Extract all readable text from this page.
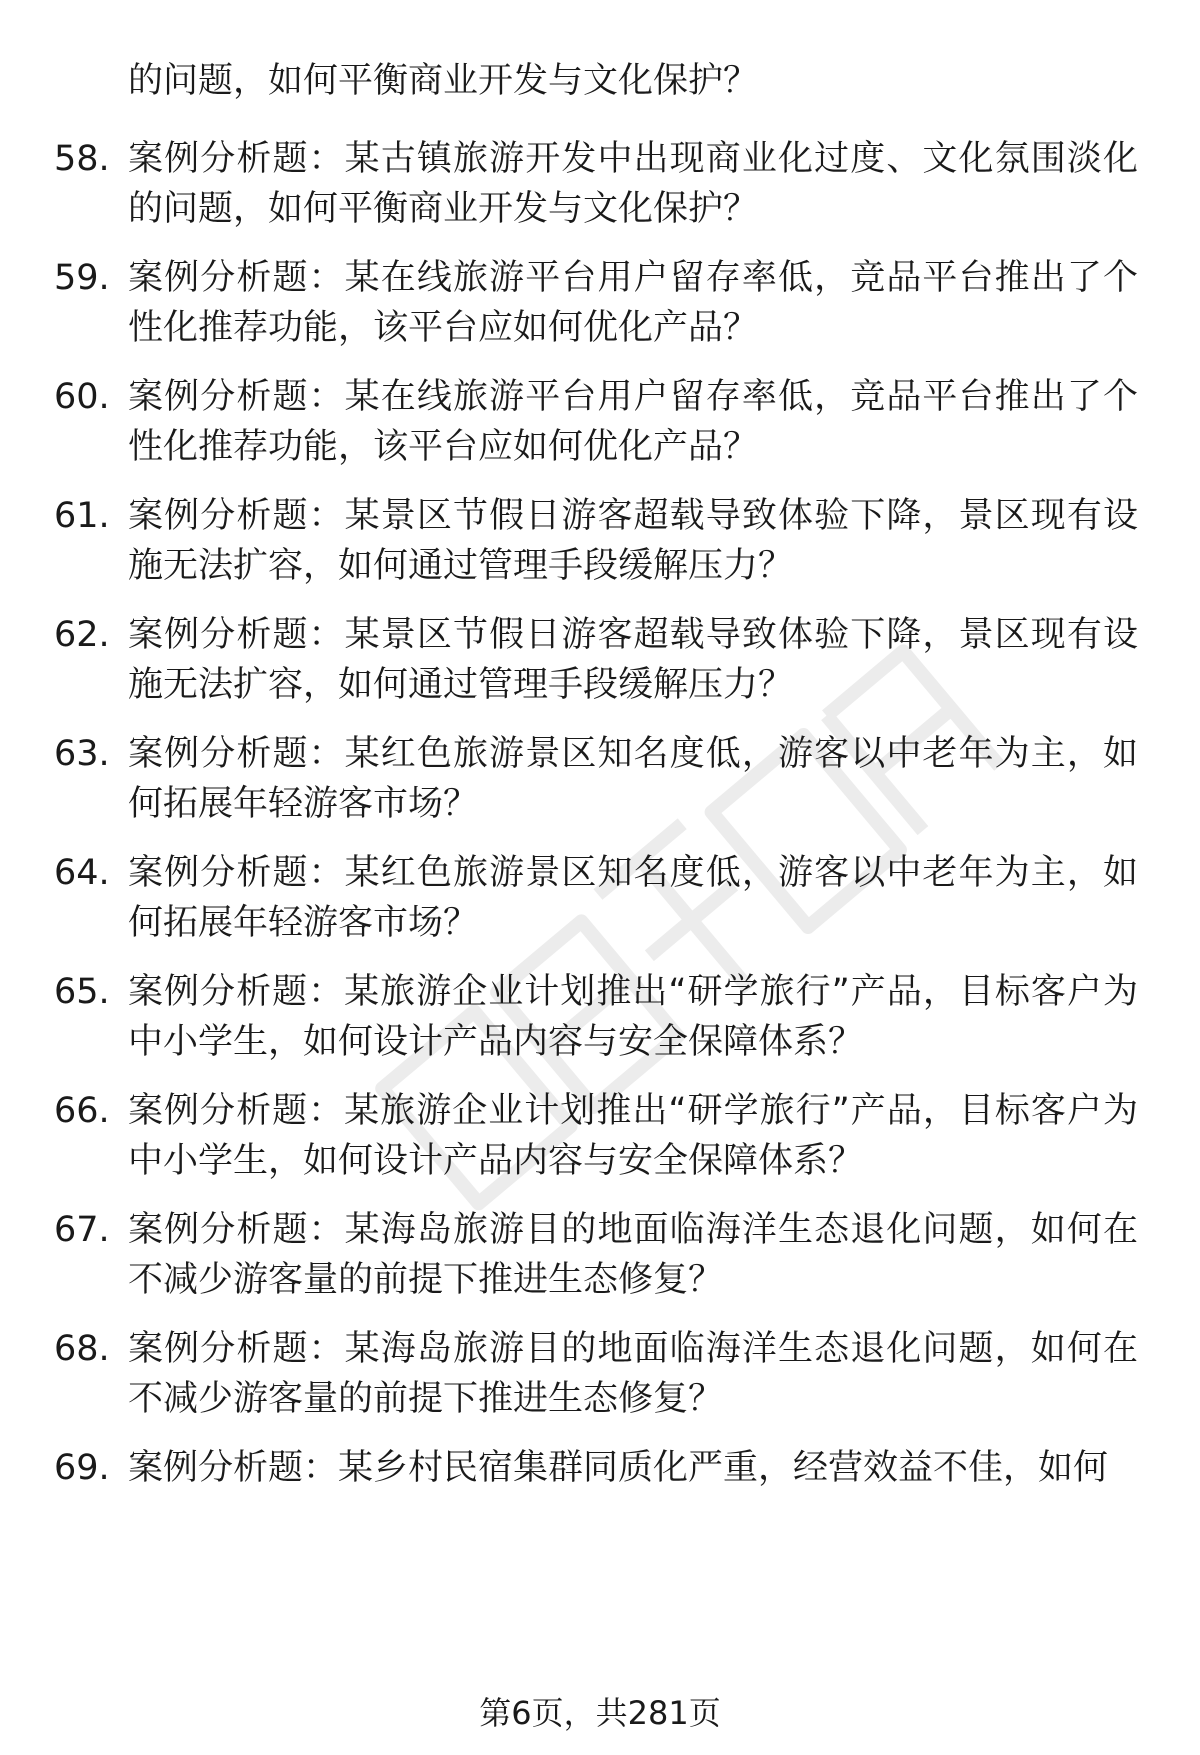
的问题，如何平衡商业开发与文化保护？
58. 案例分析题：某古镇旅游开发中出现商业化过度、文化氛围淡化的问题，如何平衡商业开发与文化保护？
59. 案例分析题：某在线旅游平台用户留存率低，竞品平台推出了个性化推荐功能，该平台应如何优化产品？
60. 案例分析题：某在线旅游平台用户留存率低，竞品平台推出了个性化推荐功能，该平台应如何优化产品？
61. 案例分析题：某景区节假日游客超载导致体验下降，景区现有设施无法扩容，如何通过管理手段缓解压力？
62. 案例分析题：某景区节假日游客超载导致体验下降，景区现有设施无法扩容，如何通过管理手段缓解压力？
63. 案例分析题：某红色旅游景区知名度低，游客以中老年为主，如何拓展年轻游客市场？
64. 案例分析题：某红色旅游景区知名度低，游客以中老年为主，如何拓展年轻游客市场？
65. 案例分析题：某旅游企业计划推出“研学旅行”产品，目标客户为中小学生，如何设计产品内容与安全保障体系？
66. 案例分析题：某旅游企业计划推出“研学旅行”产品，目标客户为中小学生，如何设计产品内容与安全保障体系？
67. 案例分析题：某海岛旅游目的地面临海洋生态退化问题，如何在不减少游客量的前提下推进生态修复？
68. 案例分析题：某海岛旅游目的地面临海洋生态退化问题，如何在不减少游客量的前提下推进生态修复？
69. 案例分析题：某乡村民宿集群同质化严重，经营效益不佳，如何
第6页，共281页
